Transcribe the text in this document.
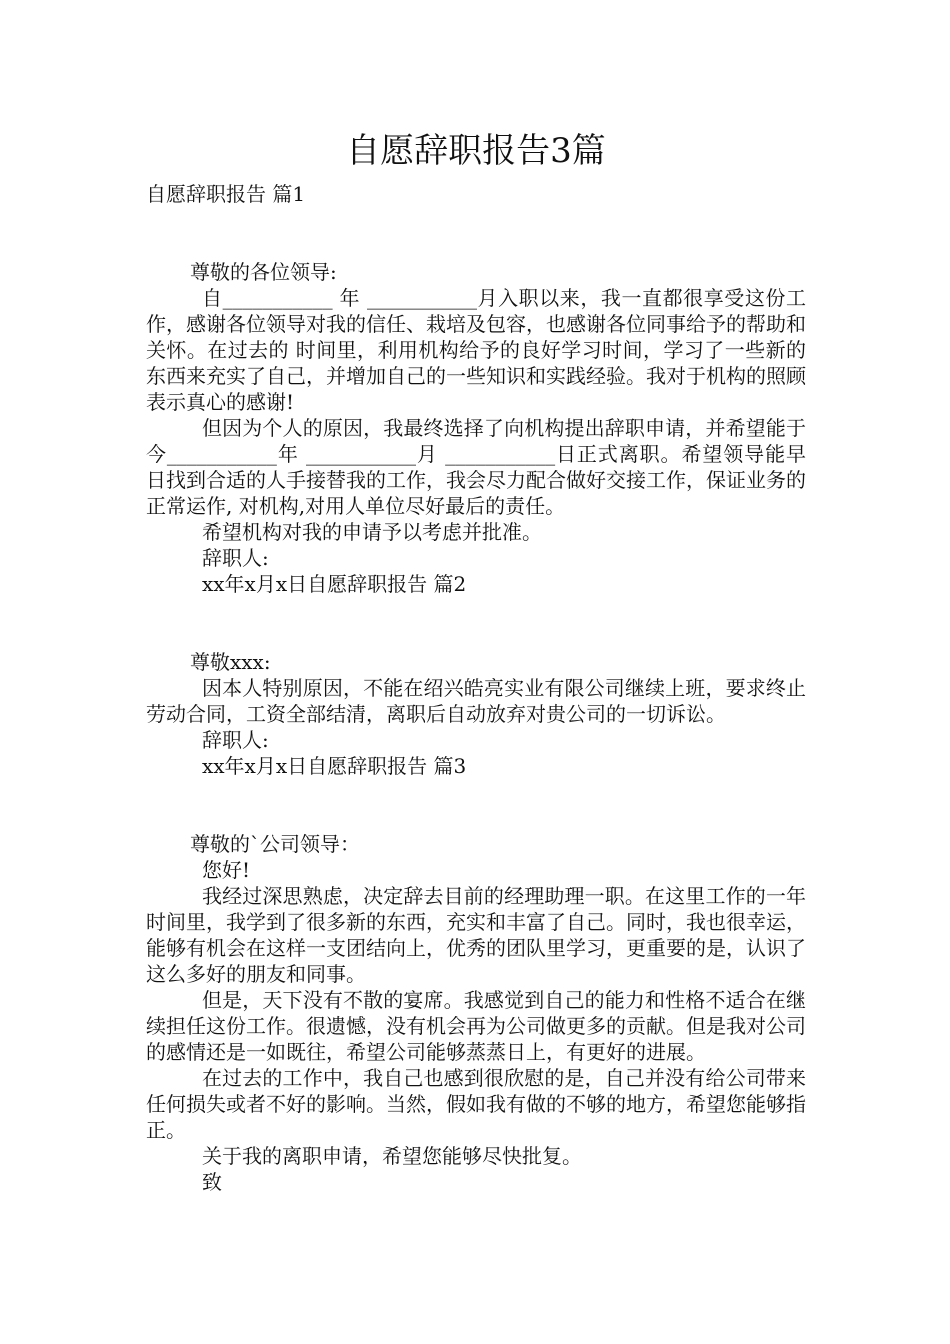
自愿辞职报告3篇

自愿辞职报告 篇1

尊敬的各位领导:

自___________ 年 ___________月入职以来，我一直都很享受这份工作，感谢各位领导对我的信任、栽培及包容，也感谢各位同事给予的帮助和关怀。在过去的 时间里，利用机构给予的良好学习时间，学习了一些新的东西来充实了自己，并增加自己的一些知识和实践经验。我对于机构的照顾表示真心的感谢!

但因为个人的原因，我最终选择了向机构提出辞职申请，并希望能于今___________年 ___________月 ___________日正式离职。希望领导能早日找到合适的人手接替我的工作，我会尽力配合做好交接工作，保证业务的正常运作, 对机构,对用人单位尽好最后的责任。

希望机构对我的申请予以考虑并批准。

辞职人:

xx年x月x日自愿辞职报告 篇2

尊敬xxx:

因本人特别原因，不能在绍兴皓亮实业有限公司继续上班，要求终止劳动合同，工资全部结清，离职后自动放弃对贵公司的一切诉讼。

辞职人:

xx年x月x日自愿辞职报告 篇3

尊敬的`公司领导：

您好!

我经过深思熟虑，决定辞去目前的经理助理一职。在这里工作的一年时间里，我学到了很多新的东西，充实和丰富了自己。同时，我也很幸运，能够有机会在这样一支团结向上，优秀的团队里学习，更重要的是，认识了这么多好的朋友和同事。

但是，天下没有不散的宴席。我感觉到自己的能力和性格不适合在继续担任这份工作。很遗憾，没有机会再为公司做更多的贡献。但是我对公司的感情还是一如既往，希望公司能够蒸蒸日上，有更好的进展。

在过去的工作中，我自己也感到很欣慰的是，自己并没有给公司带来任何损失或者不好的影响。当然，假如我有做的不够的地方，希望您能够指正。

关于我的离职申请，希望您能够尽快批复。

致
